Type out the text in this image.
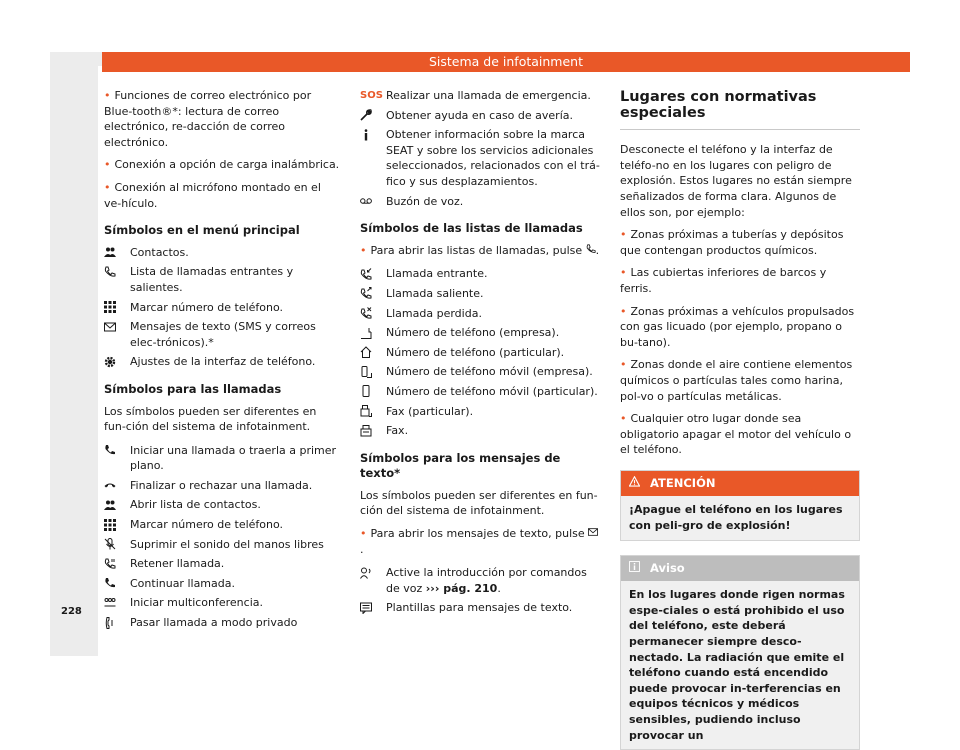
Sistema de infotainment

• Funciones de correo electrónico por Blue-tooth®*: lectura de correo electrónico, re-dacción de correo electrónico.

• Conexión a opción de carga inalámbrica.

• Conexión al micrófono montado en el ve-hículo.

Símbolos en el menú principal
Contactos.
Lista de llamadas entrantes y salientes.
Marcar número de teléfono.
Mensajes de texto (SMS y correos elec-trónicos).*
Ajustes de la interfaz de teléfono.
Símbolos para las llamadas

Los símbolos pueden ser diferentes en fun-ción del sistema de infotainment.

Iniciar una llamada o traerla a primer plano.
Finalizar o rechazar una llamada.
Abrir lista de contactos.
Marcar número de teléfono.
Suprimir el sonido del manos libres
Retener llamada.
Continuar llamada.
Iniciar multiconferencia.
Pasar llamada a modo privado
SOS Realizar una llamada de emergencia.
Obtener ayuda en caso de avería.
Obtener información sobre la marca SEAT y sobre los servicios adicionales seleccionados, relacionados con el trá-fico y sus desplazamientos.
Buzón de voz.
Símbolos de las listas de llamadas

• Para abrir las listas de llamadas, pulse .

Llamada entrante.
Llamada saliente.
Llamada perdida.
Número de teléfono (empresa).
Número de teléfono (particular).
Número de teléfono móvil (empresa).
Número de teléfono móvil (particular).
Fax (particular).
Fax.
Símbolos para los mensajes de texto*

Los símbolos pueden ser diferentes en fun-ción del sistema de infotainment.

• Para abrir los mensajes de texto, pulse .

Active la introducción por comandos de voz ››› pág. 210.
Plantillas para mensajes de texto.
Lugares con normativas especiales

Desconecte el teléfono y la interfaz de teléfo-no en los lugares con peligro de explosión. Estos lugares no están siempre señalizados de forma clara. Algunos de ellos son, por ejemplo:

• Zonas próximas a tuberías y depósitos que contengan productos químicos.

• Las cubiertas inferiores de barcos y ferris.

• Zonas próximas a vehículos propulsados con gas licuado (por ejemplo, propano o bu-tano).

• Zonas donde el aire contiene elementos químicos o partículas tales como harina, pol-vo o partículas metálicas.

• Cualquier otro lugar donde sea obligatorio apagar el motor del vehículo o el teléfono.

ATENCIÓN
¡Apague el teléfono en los lugares con peli-gro de explosión!
Aviso
En los lugares donde rigen normas espe-ciales o está prohibido el uso del teléfono, este deberá permanecer siempre desco-nectado. La radiación que emite el teléfono cuando está encendido puede provocar in-terferencias en equipos técnicos y médicos sensibles, pudiendo incluso provocar un
228
